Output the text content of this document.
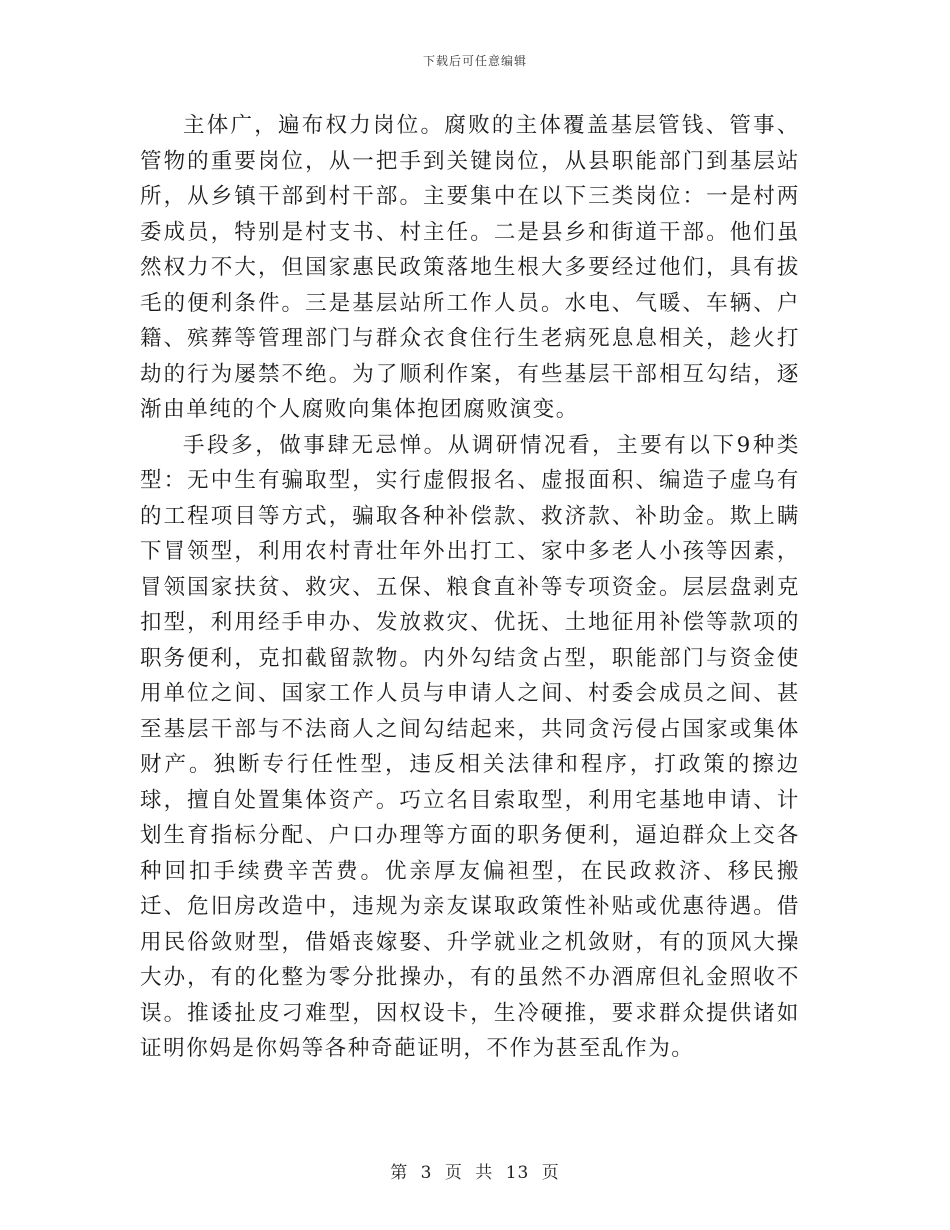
下载后可任意编辑

主体广，遍布权力岗位。腐败的主体覆盖基层管钱、管事、管物的重要岗位，从一把手到关键岗位，从县职能部门到基层站所，从乡镇干部到村干部。主要集中在以下三类岗位：一是村两委成员，特别是村支书、村主任。二是县乡和街道干部。他们虽然权力不大，但国家惠民政策落地生根大多要经过他们，具有拔毛的便利条件。三是基层站所工作人员。水电、气暖、车辆、户籍、殡葬等管理部门与群众衣食住行生老病死息息相关，趁火打劫的行为屡禁不绝。为了顺利作案，有些基层干部相互勾结，逐渐由单纯的个人腐败向集体抱团腐败演变。

手段多，做事肆无忌惮。从调研情况看，主要有以下9种类型：无中生有骗取型，实行虚假报名、虚报面积、编造子虚乌有的工程项目等方式，骗取各种补偿款、救济款、补助金。欺上瞒下冒领型，利用农村青壮年外出打工、家中多老人小孩等因素，冒领国家扶贫、救灾、五保、粮食直补等专项资金。层层盘剥克扣型，利用经手申办、发放救灾、优抚、土地征用补偿等款项的职务便利，克扣截留款物。内外勾结贪占型，职能部门与资金使用单位之间、国家工作人员与申请人之间、村委会成员之间、甚至基层干部与不法商人之间勾结起来，共同贪污侵占国家或集体财产。独断专行任性型，违反相关法律和程序，打政策的擦边球，擅自处置集体资产。巧立名目索取型，利用宅基地申请、计划生育指标分配、户口办理等方面的职务便利，逼迫群众上交各种回扣手续费辛苦费。优亲厚友偏袒型，在民政救济、移民搬迁、危旧房改造中，违规为亲友谋取政策性补贴或优惠待遇。借用民俗敛财型，借婚丧嫁娶、升学就业之机敛财，有的顶风大操大办，有的化整为零分批操办，有的虽然不办酒席但礼金照收不误。推诿扯皮刁难型，因权设卡，生冷硬推，要求群众提供诸如证明你妈是你妈等各种奇葩证明，不作为甚至乱作为。

第 3 页 共 13 页
